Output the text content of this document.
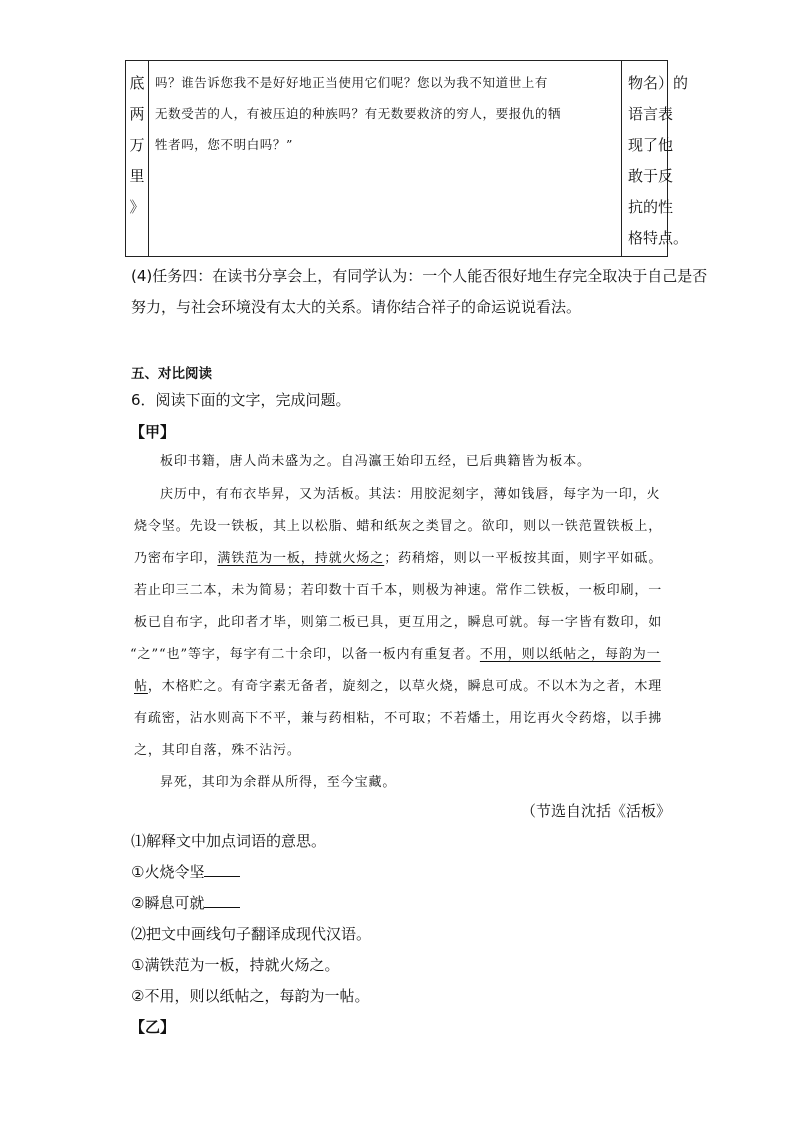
底
两
万
里
》
吗？谁告诉您我不是好好地正当使用它们呢？您以为我不知道世上有
无数受苦的人，有被压迫的种族吗？有无数要救济的穷人，要报仇的牺
牲者吗，您不明白吗？”
物名）的
语言表
现了他
敢于反
抗的性
格特点。
(4)任务四：在读书分享会上，有同学认为：一个人能否很好地生存完全取决于自己是否
努力，与社会环境没有太大的关系。请你结合祥子的命运说说看法。
五、对比阅读
6．阅读下面的文字，完成问题。
【甲】
板印书籍，唐人尚未盛为之。自冯瀛王始印五经，已后典籍皆为板本。
庆历中，有布衣毕昇，又为活板。其法：用胶泥刻字，薄如钱唇，每字为一印，火
烧令坚。先设一铁板，其上以松脂、蜡和纸灰之类冒之。欲印，则以一铁范置铁板上，
乃密布字印，满铁范为一板，持就火炀之；药稍熔，则以一平板按其面，则字平如砥。
若止印三二本，未为简易；若印数十百千本，则极为神速。常作二铁板，一板印刷，一
板已自布字，此印者才毕，则第二板已具，更互用之，瞬息可就。每一字皆有数印，如
“之”“也”等字，每字有二十余印，以备一板内有重复者。不用，则以纸帖之，每韵为一
帖，木格贮之。有奇字素无备者，旋刻之，以草火烧，瞬息可成。不以木为之者，木理
有疏密，沾水则高下不平，兼与药相粘，不可取；不若燔土，用讫再火令药熔，以手拂
之，其印自落，殊不沾污。
昇死，其印为余群从所得，至今宝藏。
（节选自沈括《活板》
⑴解释文中加点词语的意思。
①火烧令坚
②瞬息可就
⑵把文中画线句子翻译成现代汉语。
①满铁范为一板，持就火炀之。
②不用，则以纸帖之，每韵为一帖。
【乙】
